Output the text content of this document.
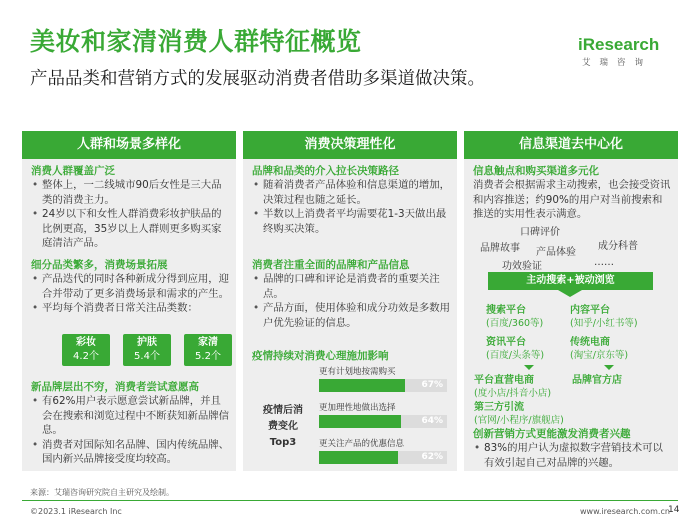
美妆和家清消费人群特征概览
产品品类和营销方式的发展驱动消费者借助多渠道做决策。
iResearch
艾瑞咨询
人群和场景多样化
消费人群覆盖广泛
• 整体上，一二线城市90后女性是三大品类的消费主力。
• 24岁以下和女性人群消费彩妆护肤品的比例更高，35岁以上人群则更多购买家庭清洁产品。
细分品类繁多，消费场景拓展
• 产品迭代的同时各种新成分得到应用，迎合并带动了更多消费场景和需求的产生。
• 平均每个消费者日常关注品类数：
彩妆
4.2个
护肤
5.4个
家清
5.2个
新品牌层出不穷，消费者尝试意愿高
• 有62%用户表示愿意尝试新品牌，并且会在搜索和浏览过程中不断获知新品牌信息。
• 消费者对国际知名品牌、国内传统品牌、国内新兴品牌接受度均较高。
消费决策理性化
品牌和品类的介入拉长决策路径
• 随着消费者产品体验和信息渠道的增加，决策过程也随之延长。
• 半数以上消费者平均需要花1-3天做出最终购买决策。
消费者注重全面的品牌和产品信息
• 品牌的口碑和评论是消费者的重要关注点。
• 产品方面，使用体验和成分功效是多数用户优先验证的信息。
疫情持续对消费心理施加影响
疫情后消
费变化
Top3
更有计划地按需购买
67%
更加理性地做出选择
64%
更关注产品的优惠信息
62%
信息渠道去中心化
信息触点和购买渠道多元化
消费者会根据需求主动搜索，也会接受资讯和内容推送；约90%的用户对当前搜索和推送的实用性表示满意。
口碑评价
品牌故事 产品体验
成分科普
功效验证	……
主动搜索+被动浏览
搜索平台
(百度/360等)
内容平台
(知乎/小红书等)
资讯平台
(百度/头条等)
传统电商
(淘宝/京东等)
平台直营电商
(度小店/抖音小店)
品牌官方店
第三方引流
(官网/小程序/旗舰店)
创新营销方式更能激发消费者兴趣
• 83%的用户认为虚拟数字营销技术可以有效引起自己对品牌的兴趣。
来源：艾瑞咨询研究院自主研究及绘制。
©2023.1 iResearch Inc	www.iresearch.com.cn
14
